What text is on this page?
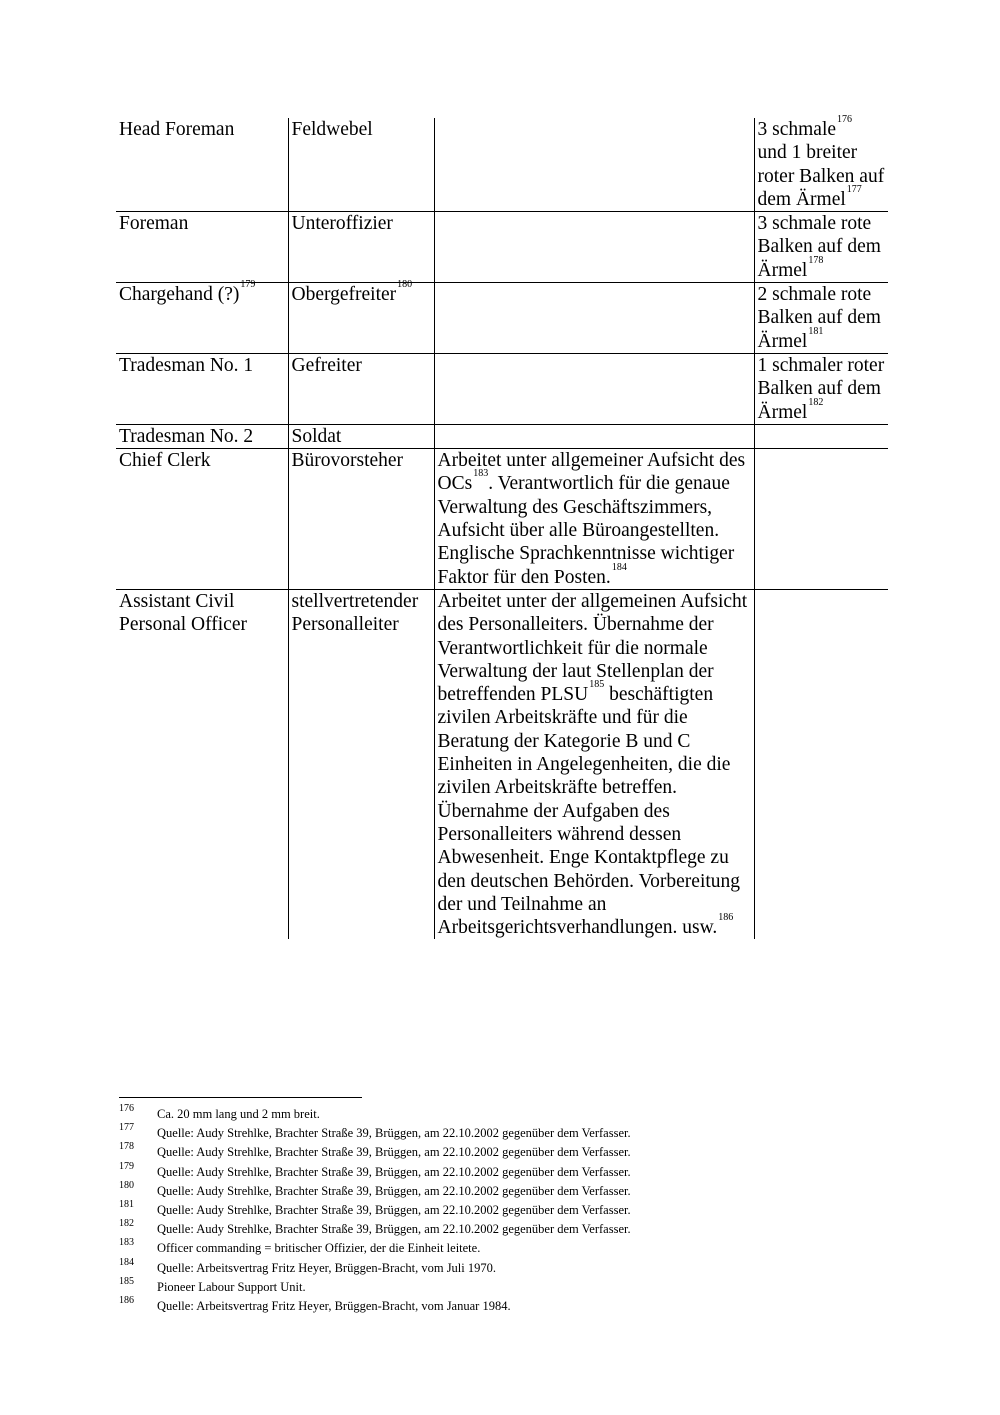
Head Foreman	Feldwebel		3 schmale$^{176}$ und 1 breiter roter Balken auf dem Ärmel$^{177}$
Foreman	Unteroffizier		3 schmale rote Balken auf dem Ärmel$^{178}$
Chargehand (?)$^{179}$	Obergefreiter$^{180}$		2 schmale rote Balken auf dem Ärmel$^{181}$
Tradesman No. 1	Gefreiter		1 schmaler roter Balken auf dem Ärmel$^{182}$
Tradesman No. 2	Soldat		
Chief Clerk	Bürovorsteher	Arbeitet unter allgemeiner Aufsicht des OCs$^{183}$. Verantwortlich für die genaue Verwaltung des Geschäftszimmers, Aufsicht über alle Büroangestellten. Englische Sprachkenntnisse wichtiger Faktor für den Posten.$^{184}$	
Assistant Civil Personal Officer	stellvertretender Personalleiter	Arbeitet unter der allgemeinen Aufsicht des Personalleiters. Übernahme der Verantwortlichkeit für die normale Verwaltung der laut Stellenplan der betreffenden PLSU$^{185}$ beschäftigten zivilen Arbeitskräfte und für die Beratung der Kategorie B und C Einheiten in Angelegenheiten, die die zivilen Arbeitskräfte betreffen. Übernahme der Aufgaben des Personalleiters während dessen Abwesenheit. Enge Kontaktpflege zu den deutschen Behörden. Vorbereitung der und Teilnahme an Arbeitsgerichtsverhandlungen. usw.$^{186}$	
176 Ca. 20 mm lang und 2 mm breit.
177 Quelle: Audy Strehlke, Brachter Straße 39, Brüggen, am 22.10.2002 gegenüber dem Verfasser.
178 Quelle: Audy Strehlke, Brachter Straße 39, Brüggen, am 22.10.2002 gegenüber dem Verfasser.
179 Quelle: Audy Strehlke, Brachter Straße 39, Brüggen, am 22.10.2002 gegenüber dem Verfasser.
180 Quelle: Audy Strehlke, Brachter Straße 39, Brüggen, am 22.10.2002 gegenüber dem Verfasser.
181 Quelle: Audy Strehlke, Brachter Straße 39, Brüggen, am 22.10.2002 gegenüber dem Verfasser.
182 Quelle: Audy Strehlke, Brachter Straße 39, Brüggen, am 22.10.2002 gegenüber dem Verfasser.
183 Officer commanding = britischer Offizier, der die Einheit leitete.
184 Quelle: Arbeitsvertrag Fritz Heyer, Brüggen-Bracht, vom Juli 1970.
185 Pioneer Labour Support Unit.
186 Quelle: Arbeitsvertrag Fritz Heyer, Brüggen-Bracht, vom Januar 1984.
